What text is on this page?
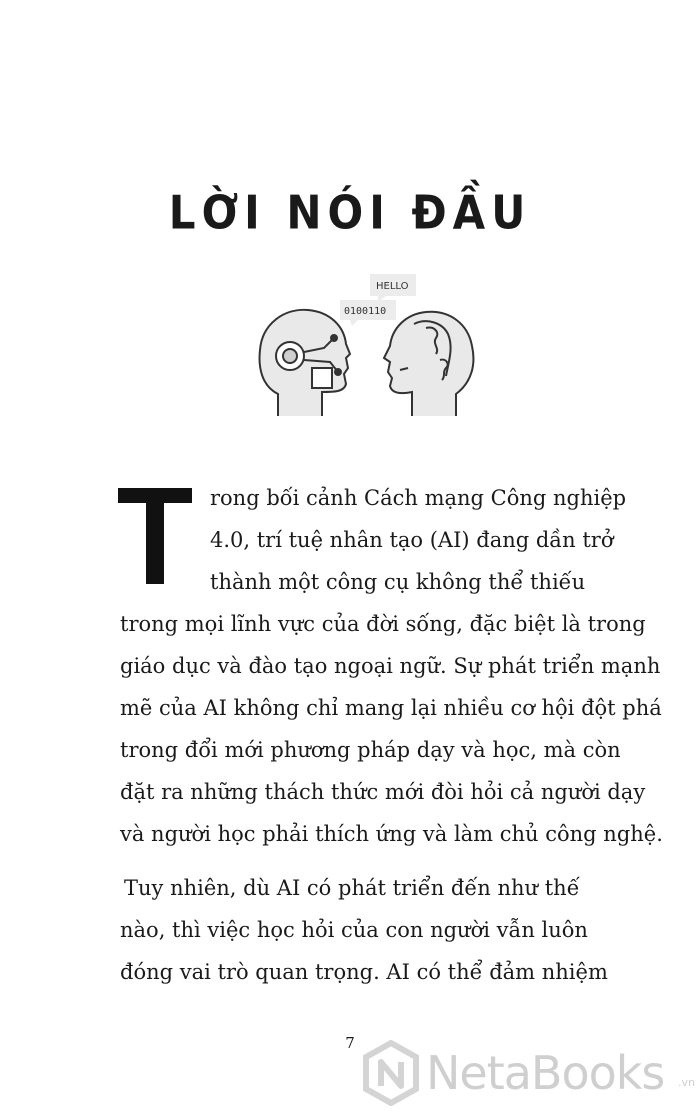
LỜI NÓI ĐẦU
0100110
HELLO
rong bối cảnh Cách mạng Công nghiệp
4.0, trí tuệ nhân tạo (AI) đang dần trở
thành một công cụ không thể thiếu
trong mọi lĩnh vực của đời sống, đặc biệt là trong
giáo dục và đào tạo ngoại ngữ. Sự phát triển mạnh
mẽ của AI không chỉ mang lại nhiều cơ hội đột phá
trong đổi mới phương pháp dạy và học, mà còn
đặt ra những thách thức mới đòi hỏi cả người dạy
và người học phải thích ứng và làm chủ công nghệ.
Tuy nhiên, dù AI có phát triển đến như thế
nào, thì việc học hỏi của con người vẫn luôn
đóng vai trò quan trọng. AI có thể đảm nhiệm
7
NetaBooks .vn
